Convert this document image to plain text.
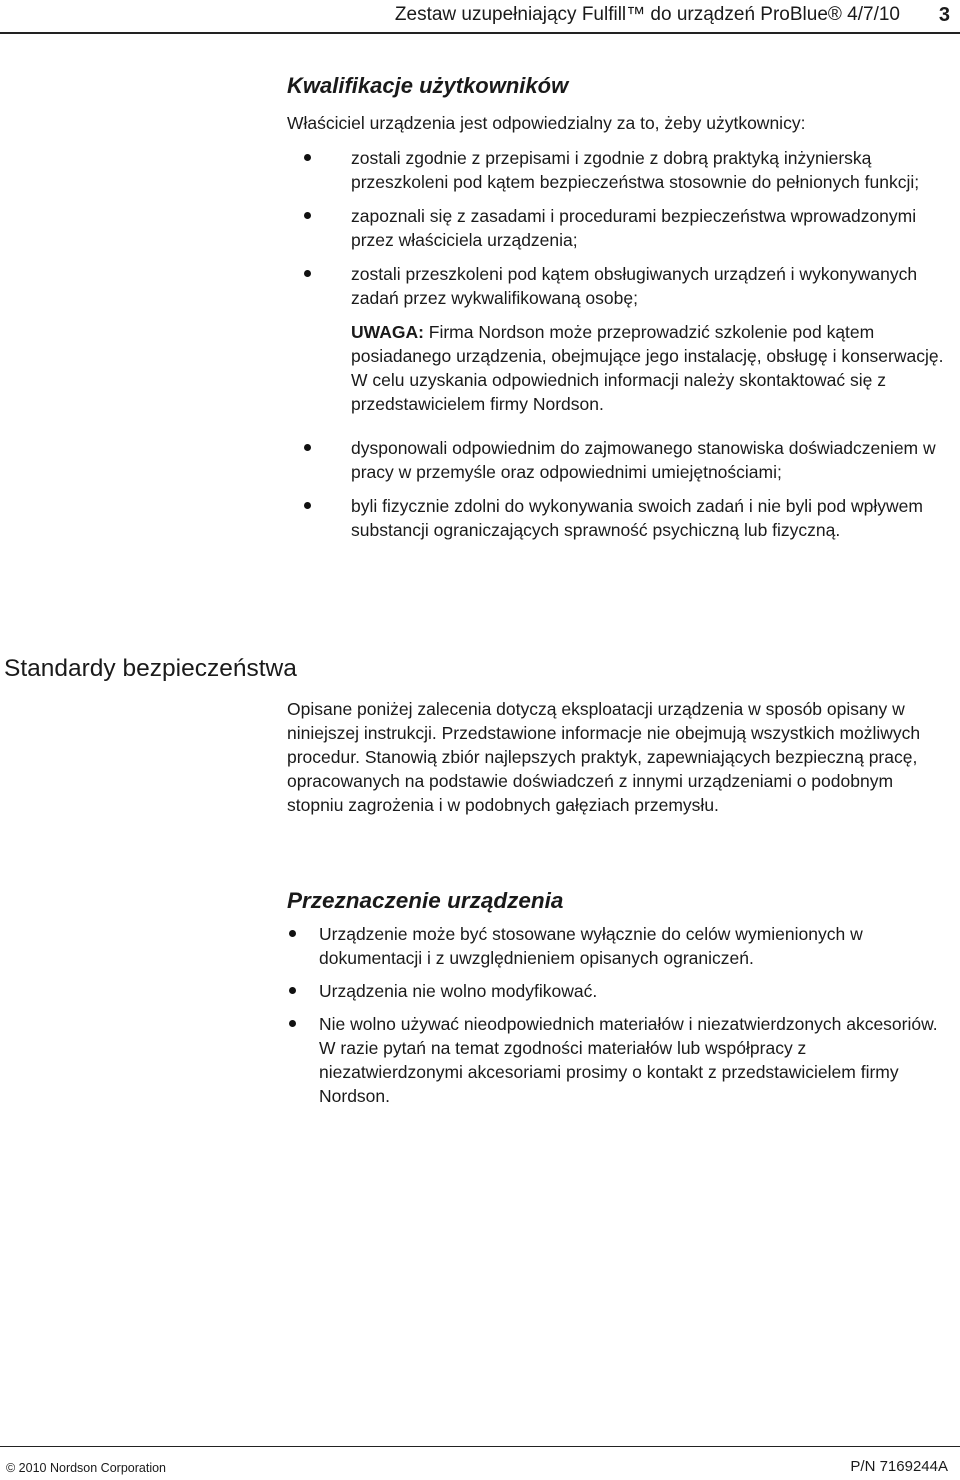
Zestaw uzupełniający Fulfill™ do urządzeń ProBlue® 4/7/10 3
Kwalifikacje użytkowników

Właściciel urządzenia jest odpowiedzialny za to, żeby użytkownicy:

zostali zgodnie z przepisami i zgodnie z dobrą praktyką inżynierską przeszkoleni pod kątem bezpieczeństwa stosownie do pełnionych funkcji;
zapoznali się z zasadami i procedurami bezpieczeństwa wprowadzonymi przez właściciela urządzenia;
zostali przeszkoleni pod kątem obsługiwanych urządzeń i wykonywanych zadań przez wykwalifikowaną osobę;

UWAGA: Firma Nordson może przeprowadzić szkolenie pod kątem posiadanego urządzenia, obejmujące jego instalację, obsługę i konserwację. W celu uzyskania odpowiednich informacji należy skontaktować się z przedstawicielem firmy Nordson.

dysponowali odpowiednim do zajmowanego stanowiska doświadczeniem w pracy w przemyśle oraz odpowiednimi umiejętnościami;
byli fizycznie zdolni do wykonywania swoich zadań i nie byli pod wpływem substancji ograniczających sprawność psychiczną lub fizyczną.
Standardy bezpieczeństwa

Opisane poniżej zalecenia dotyczą eksploatacji urządzenia w sposób opisany w niniejszej instrukcji. Przedstawione informacje nie obejmują wszystkich możliwych procedur. Stanowią zbiór najlepszych praktyk, zapewniających bezpieczną pracę, opracowanych na podstawie doświadczeń z innymi urządzeniami o podobnym stopniu zagrożenia i w podobnych gałęziach przemysłu.

Przeznaczenie urządzenia
Urządzenie może być stosowane wyłącznie do celów wymienionych w dokumentacji i z uwzględnieniem opisanych ograniczeń.
Urządzenia nie wolno modyfikować.
Nie wolno używać nieodpowiednich materiałów i niezatwierdzonych akcesoriów. W razie pytań na temat zgodności materiałów lub współpracy z niezatwierdzonymi akcesoriami prosimy o kontakt z przedstawicielem firmy Nordson.
© 2010 Nordson Corporation	P/N 7169244A
